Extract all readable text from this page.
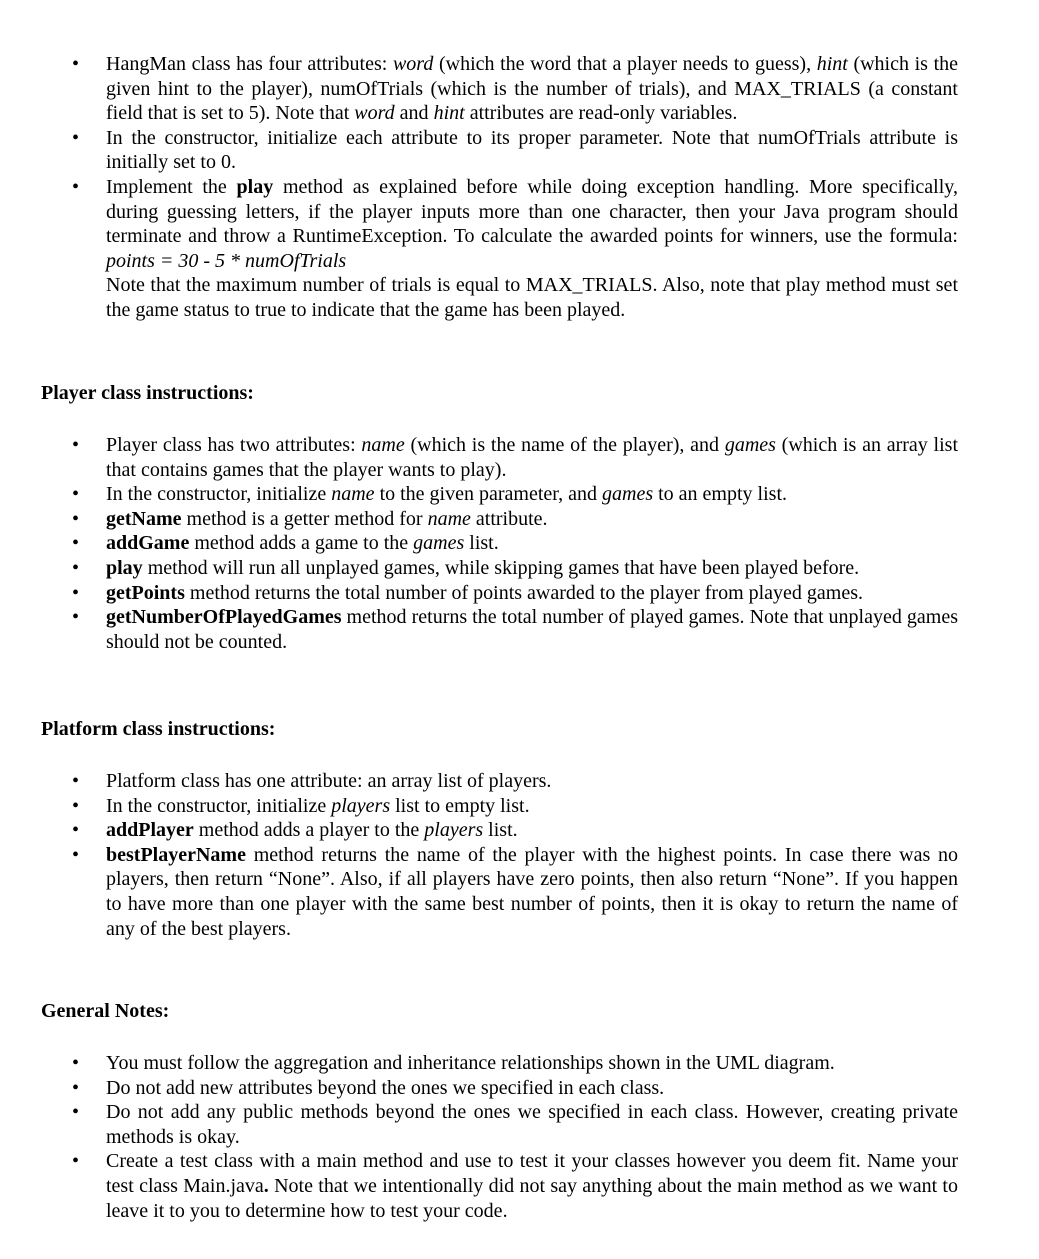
• HangMan class has four attributes: word (which the word that a player needs to guess), hint (which is the given hint to the player), numOfTrials (which is the number of trials), and MAX_TRIALS (a constant field that is set to 5). Note that word and hint attributes are read-only variables.
• In the constructor, initialize each attribute to its proper parameter. Note that numOfTrials attribute is initially set to 0.
• Implement the play method as explained before while doing exception handling. More specifically, during guessing letters, if the player inputs more than one character, then your Java program should terminate and throw a RuntimeException. To calculate the awarded points for winners, use the formula: points = 30 - 5 * numOfTrials
Note that the maximum number of trials is equal to MAX_TRIALS. Also, note that play method must set the game status to true to indicate that the game has been played.
Player class instructions:
• Player class has two attributes: name (which is the name of the player), and games (which is an array list that contains games that the player wants to play).
• In the constructor, initialize name to the given parameter, and games to an empty list.
• getName method is a getter method for name attribute.
• addGame method adds a game to the games list.
• play method will run all unplayed games, while skipping games that have been played before.
• getPoints method returns the total number of points awarded to the player from played games.
• getNumberOfPlayedGames method returns the total number of played games. Note that unplayed games should not be counted.
Platform class instructions:
• Platform class has one attribute: an array list of players.
• In the constructor, initialize players list to empty list.
• addPlayer method adds a player to the players list.
• bestPlayerName method returns the name of the player with the highest points. In case there was no players, then return “None”. Also, if all players have zero points, then also return “None”. If you happen to have more than one player with the same best number of points, then it is okay to return the name of any of the best players.
General Notes:
• You must follow the aggregation and inheritance relationships shown in the UML diagram.
• Do not add new attributes beyond the ones we specified in each class.
• Do not add any public methods beyond the ones we specified in each class. However, creating private methods is okay.
• Create a test class with a main method and use to test it your classes however you deem fit. Name your test class Main.java. Note that we intentionally did not say anything about the main method as we want to leave it to you to determine how to test your code.
